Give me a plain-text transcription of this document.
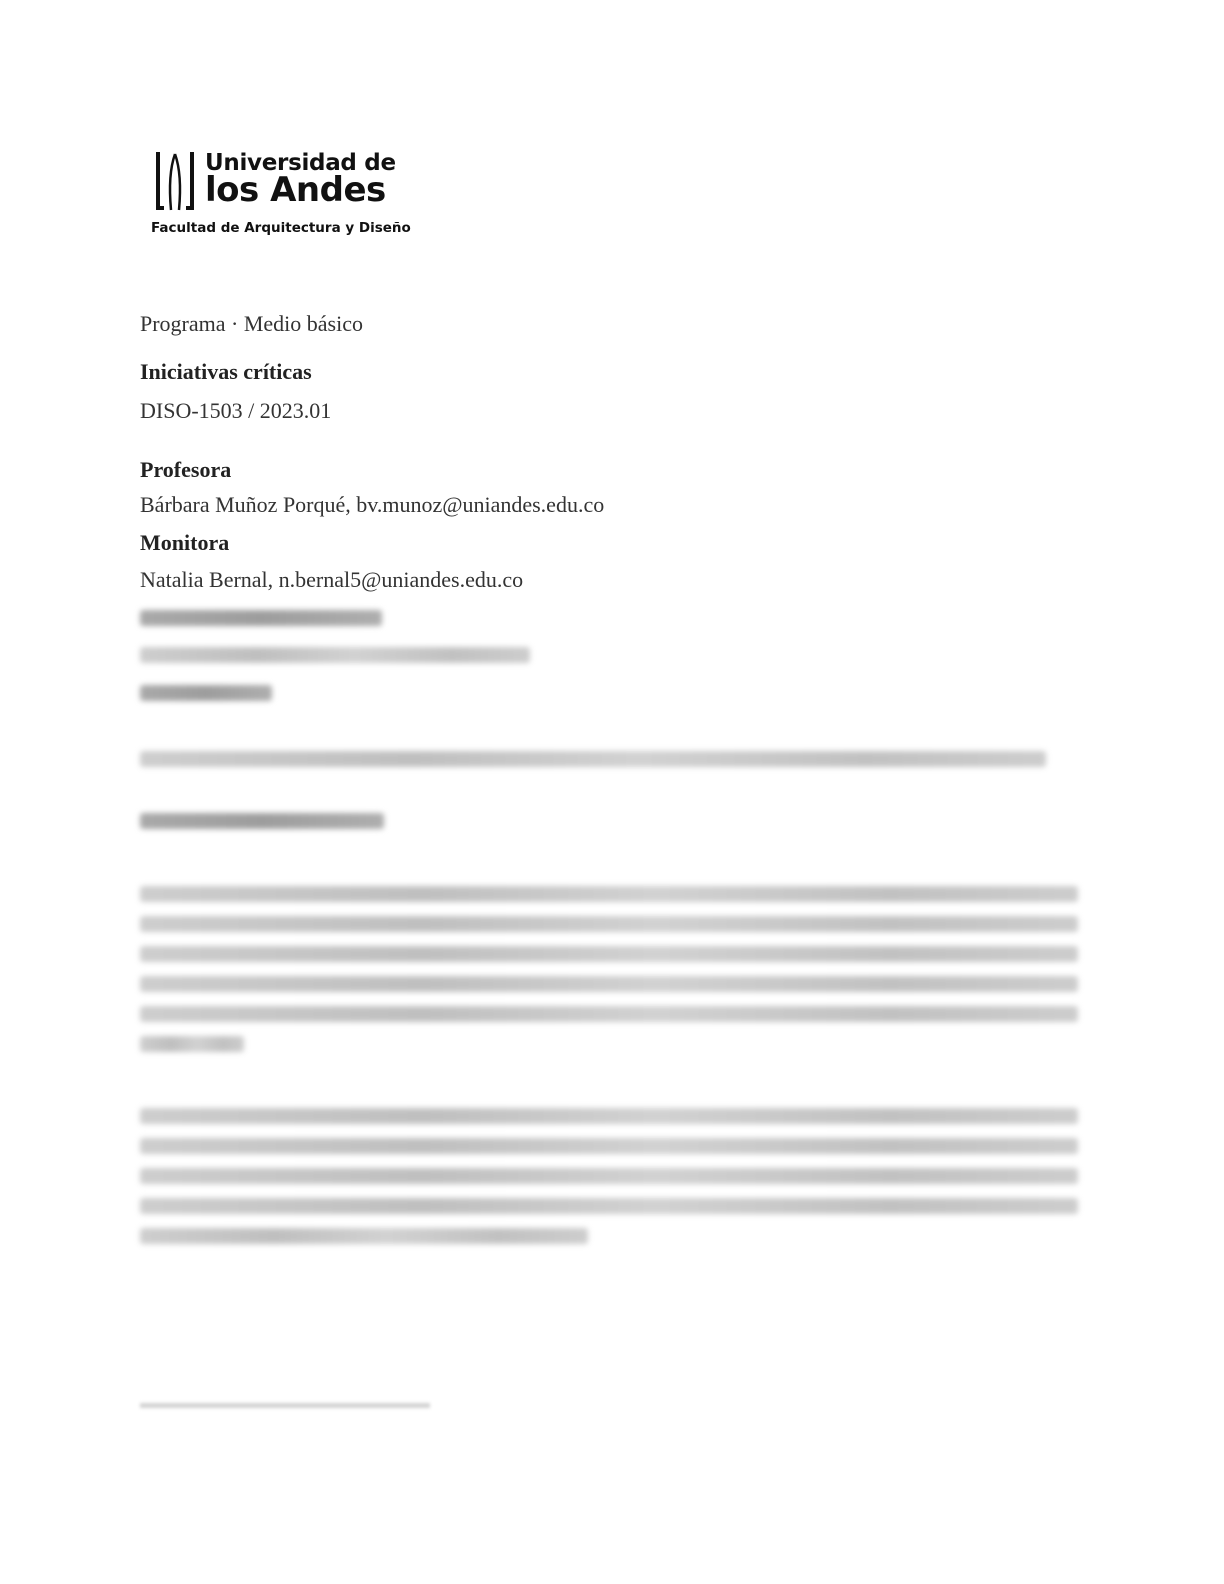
Universidad de
los Andes
Facultad de Arquitectura y Diseño
Programa · Medio básico
Iniciativas críticas
DISO-1503 / 2023.01
Profesora
Bárbara Muñoz Porqué, bv.munoz@uniandes.edu.co
Monitora
Natalia Bernal, n.bernal5@uniandes.edu.co
